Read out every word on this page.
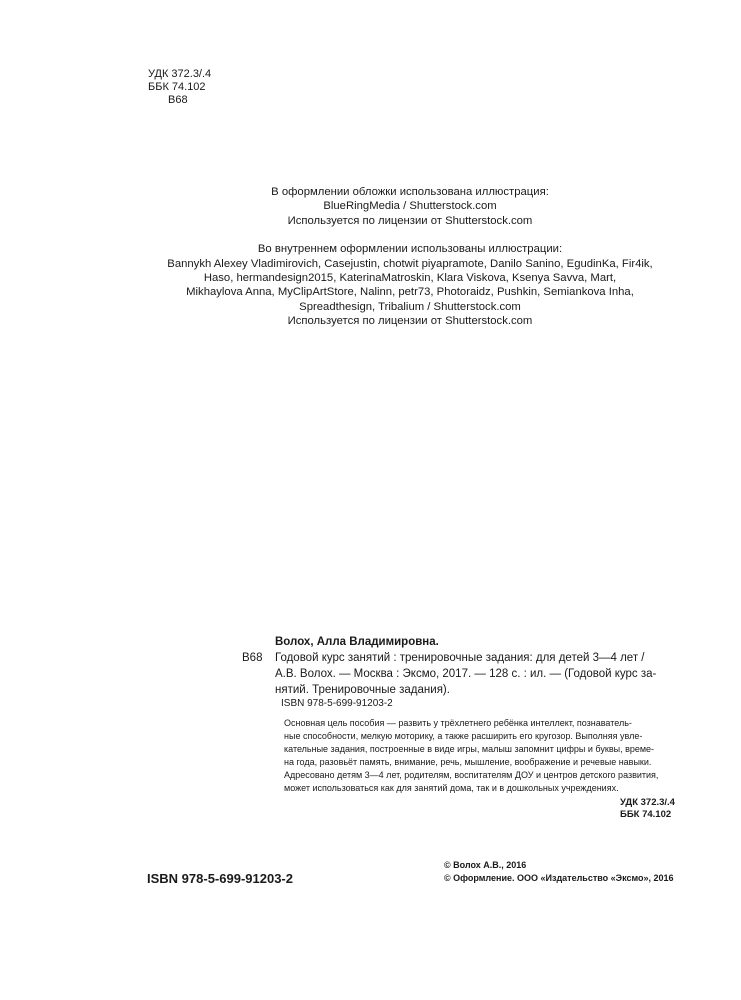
УДК 372.3/.4
ББК 74.102
В68
В оформлении обложки использована иллюстрация:
BlueRingMedia / Shutterstock.com
Используется по лицензии от Shutterstock.com
Во внутреннем оформлении использованы иллюстрации:
Bannykh Alexey Vladimirovich, Casejustin, chotwit piyapramote, Danilo Sanino, EgudinKa, Fir4ik,
Haso, hermandesign2015, KaterinaMatroskin, Klara Viskova, Ksenya Savva, Mart,
Mikhaylova Anna, MyClipArtStore, Nalinn, petr73, Photoraidz, Pushkin, Semiankova Inha,
Spreadthesign, Tribalium / Shutterstock.com
Используется по лицензии от Shutterstock.com
Волох, Алла Владимировна.
В68 Годовой курс занятий : тренировочные задания: для детей 3—4 лет /
А.В. Волох. — Москва : Эксмо, 2017. — 128 с. : ил. — (Годовой курс за-
нятий. Тренировочные задания).
ISBN 978-5-699-91203-2
Основная цель пособия — развить у трёхлетнего ребёнка интеллект, познаватель-
ные способности, мелкую моторику, а также расширить его кругозор. Выполняя увле-
кательные задания, построенные в виде игры, малыш запомнит цифры и буквы, време-
на года, разовьёт память, внимание, речь, мышление, воображение и речевые навыки.
Адресовано детям 3—4 лет, родителям, воспитателям ДОУ и центров детского развития,
может использоваться как для занятий дома, так и в дошкольных учреждениях.
УДК 372.3/.4
ББК 74.102
© Волох А.В., 2016
© Оформление. ООО «Издательство «Эксмо», 2016
ISBN 978-5-699-91203-2
